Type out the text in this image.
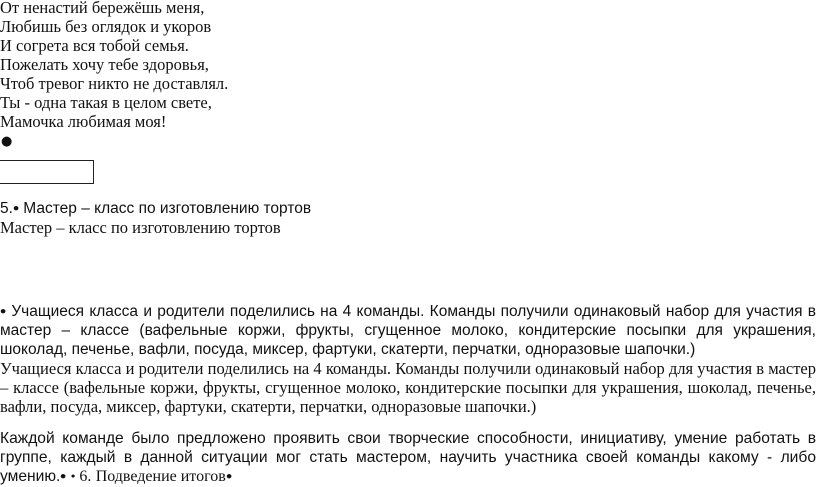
От ненастий бережёшь меня,
Любишь без оглядок и укоров
И согрета вся тобой семья.
Пожелать хочу тебе здоровья,
Чтоб тревог никто не доставлял.
Ты - одна такая в целом свете,
Мамочка любимая моя!
●
5.● Мастер – класс по изготовлению тортов
Мастер – класс по изготовлению тортов
● Учащиеся класса и родители поделились на 4 команды. Команды получили одинаковый набор для участия в мастер – классе (вафельные коржи, фрукты, сгущенное молоко, кондитерские посыпки для украшения, шоколад, печенье, вафли, посуда, миксер, фартуки, скатерти, перчатки, одноразовые шапочки.)
Учащиеся класса и родители поделились на 4 команды. Команды получили одинаковый набор для участия в мастер – классе (вафельные коржи, фрукты, сгущенное молоко, кондитерские посыпки для украшения, шоколад, печенье, вафли, посуда, миксер, фартуки, скатерти, перчатки, одноразовые шапочки.)
Каждой команде было предложено проявить свои творческие способности, инициативу, умение работать в группе, каждый в данной ситуации мог стать мастером, научить участника своей команды какому - либо умению.● ● 6. Подведение итогов●
